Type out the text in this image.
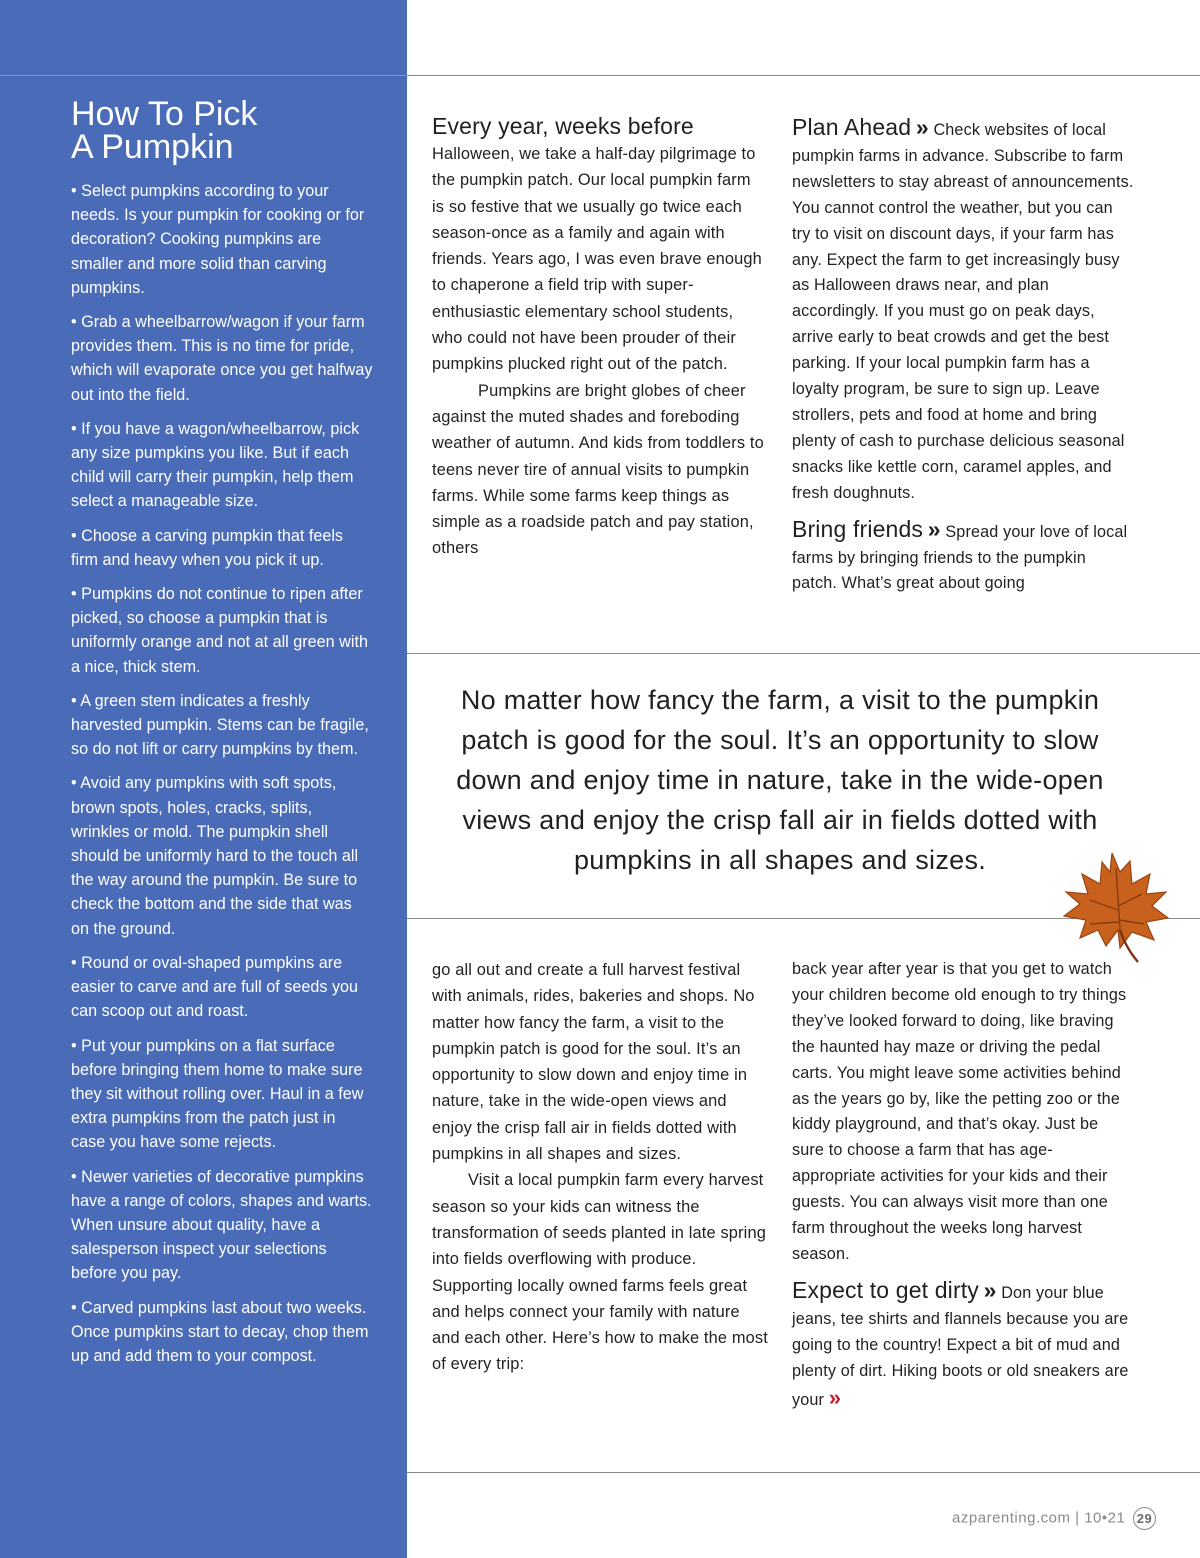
How To Pick
A Pumpkin

• Select pumpkins according to your needs. Is your pumpkin for cooking or for decoration? Cooking pumpkins are smaller and more solid than carving pumpkins.

• Grab a wheelbarrow/wagon if your farm provides them. This is no time for pride, which will evaporate once you get halfway out into the field.

• If you have a wagon/wheelbarrow, pick any size pumpkins you like. But if each child will carry their pumpkin, help them select a manageable size.

• Choose a carving pumpkin that feels firm and heavy when you pick it up.

• Pumpkins do not continue to ripen after picked, so choose a pumpkin that is uniformly orange and not at all green with a nice, thick stem.

• A green stem indicates a freshly harvested pumpkin. Stems can be fragile, so do not lift or carry pumpkins by them.

• Avoid any pumpkins with soft spots, brown spots, holes, cracks, splits, wrinkles or mold. The pumpkin shell should be uniformly hard to the touch all the way around the pumpkin. Be sure to check the bottom and the side that was on the ground.

• Round or oval-shaped pumpkins are easier to carve and are full of seeds you can scoop out and roast.

• Put your pumpkins on a flat surface before bringing them home to make sure they sit without rolling over. Haul in a few extra pumpkins from the patch just in case you have some rejects.

• Newer varieties of decorative pumpkins have a range of colors, shapes and warts. When unsure about quality, have a salesperson inspect your selections before you pay.

• Carved pumpkins last about two weeks. Once pumpkins start to decay, chop them up and add them to your compost.

Every year, weeks before

Halloween, we take a half-day pilgrimage to the pumpkin patch. Our local pumpkin farm is so festive that we usually go twice each season-once as a family and again with friends. Years ago, I was even brave enough to chaperone a field trip with super-enthusiastic elementary school students, who could not have been prouder of their pumpkins plucked right out of the patch.

Pumpkins are bright globes of cheer against the muted shades and foreboding weather of autumn. And kids from toddlers to teens never tire of annual visits to pumpkin farms. While some farms keep things as simple as a roadside patch and pay station, others

Plan Ahead » Check websites of local pumpkin farms in advance. Subscribe to farm newsletters to stay abreast of announcements. You cannot control the weather, but you can try to visit on discount days, if your farm has any. Expect the farm to get increasingly busy as Halloween draws near, and plan accordingly. If you must go on peak days, arrive early to beat crowds and get the best parking. If your local pumpkin farm has a loyalty program, be sure to sign up. Leave strollers, pets and food at home and bring plenty of cash to purchase delicious seasonal snacks like kettle corn, caramel apples, and fresh doughnuts.

Bring friends » Spread your love of local farms by bringing friends to the pumpkin patch. What’s great about going

No matter how fancy the farm, a visit to the pumpkin patch is good for the soul. It’s an opportunity to slow down and enjoy time in nature, take in the wide-open views and enjoy the crisp fall air in fields dotted with pumpkins in all shapes and sizes.

go all out and create a full harvest festival with animals, rides, bakeries and shops. No matter how fancy the farm, a visit to the pumpkin patch is good for the soul. It’s an opportunity to slow down and enjoy time in nature, take in the wide-open views and enjoy the crisp fall air in fields dotted with pumpkins in all shapes and sizes.

Visit a local pumpkin farm every harvest season so your kids can witness the transformation of seeds planted in late spring into fields overflowing with produce. Supporting locally owned farms feels great and helps connect your family with nature and each other. Here’s how to make the most of every trip:

back year after year is that you get to watch your children become old enough to try things they’ve looked forward to doing, like braving the haunted hay maze or driving the pedal carts. You might leave some activities behind as the years go by, like the petting zoo or the kiddy playground, and that’s okay. Just be sure to choose a farm that has age-appropriate activities for your kids and their guests. You can always visit more than one farm throughout the weeks long harvest season.

Expect to get dirty » Don your blue jeans, tee shirts and flannels because you are going to the country! Expect a bit of mud and plenty of dirt. Hiking boots or old sneakers are your »

azparenting.com | 10•21 29
